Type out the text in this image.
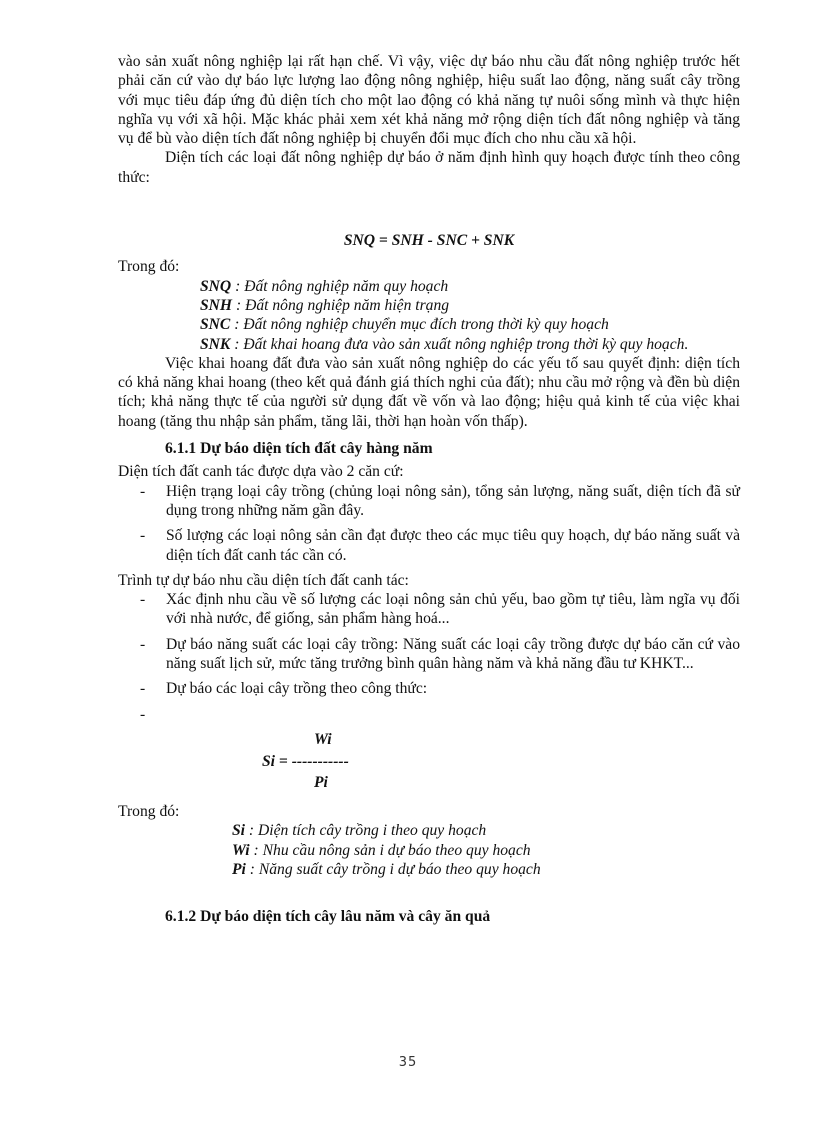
vào sản xuất nông nghiệp lại rất hạn chế. Vì vậy, việc dự báo nhu cầu đất nông nghiệp trước hết phải căn cứ vào dự báo lực lượng lao động nông nghiệp, hiệu suất lao động, năng suất cây trồng với mục tiêu đáp ứng đủ diện tích cho một lao động có khả năng tự nuôi sống mình và thực hiện nghĩa vụ với xã hội. Mặc khác phải xem xét khả năng mở rộng diện tích đất nông nghiệp và tăng vụ để bù vào diện tích đất nông nghiệp bị chuyển đổi mục đích cho nhu cầu xã hội.

Diện tích các loại đất nông nghiệp dự báo ở năm định hình quy hoạch được tính theo công thức:

SNQ = SNH - SNC + SNK

Trong đó:

SNQ : Đất nông nghiệp năm quy hoạch

SNH : Đất nông nghiệp năm hiện trạng

SNC : Đất nông nghiệp chuyển mục đích trong thời kỳ quy hoạch

SNK : Đất khai hoang đưa vào sản xuất nông nghiệp trong thời kỳ quy hoạch.

Việc khai hoang đất đưa vào sản xuất nông nghiệp do các yếu tố sau quyết định: diện tích có khả năng khai hoang (theo kết quả đánh giá thích nghi của đất); nhu cầu mở rộng và đền bù diện tích; khả năng thực tế của người sử dụng đất về vốn và lao động; hiệu quả kinh tế của việc khai hoang (tăng thu nhập sản phẩm, tăng lãi, thời hạn hoàn vốn thấp).

6.1.1 Dự báo diện tích đất cây hàng năm

Diện tích đất canh tác được dựa vào 2 căn cứ:

- Hiện trạng loại cây trồng (chủng loại nông sản), tổng sản lượng, năng suất, diện tích đã sử dụng trong những năm gần đây.
- Số lượng các loại nông sản cần đạt được theo các mục tiêu quy hoạch, dự báo năng suất và diện tích đất canh tác cần có.

Trình tự dự báo nhu cầu diện tích đất canh tác:

- Xác định nhu cầu về số lượng các loại nông sản chủ yếu, bao gồm tự tiêu, làm ngĩa vụ đối với nhà nước, để giống, sản phẩm hàng hoá...
- Dự báo năng suất các loại cây trồng: Năng suất các loại cây trồng được dự báo căn cứ vào năng suất lịch sử, mức tăng trưởng bình quân hàng năm và khả năng đầu tư KHKT...
- Dự báo các loại cây trồng theo công thức:
-

Wi
Si = -----------
Pi

Trong đó:

Si : Diện tích cây trồng i theo quy hoạch

Wi : Nhu cầu nông sản i dự báo theo quy hoạch

Pi : Năng suất cây trồng i dự báo theo quy hoạch

6.1.2 Dự báo diện tích cây lâu năm và cây ăn quả

35
